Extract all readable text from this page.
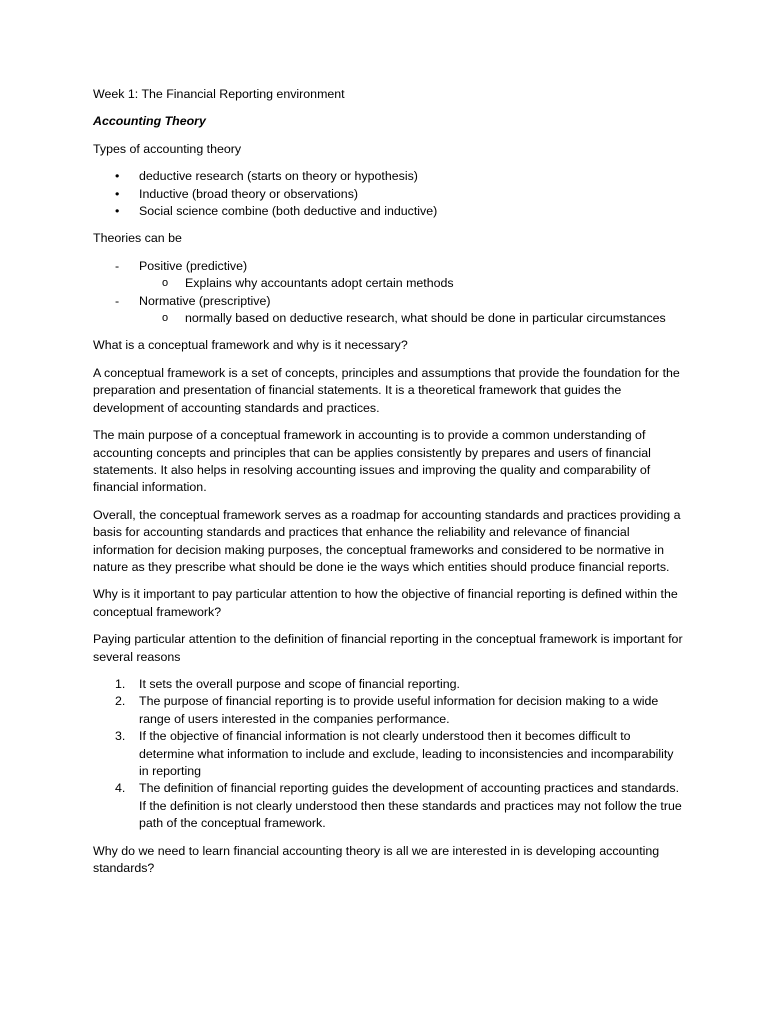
Week 1: The Financial Reporting environment

Accounting Theory

Types of accounting theory

• deductive research (starts on theory or hypothesis)
• Inductive (broad theory or observations)
• Social science combine (both deductive and inductive)

Theories can be

- Positive (predictive)
o Explains why accountants adopt certain methods
- Normative (prescriptive)
o normally based on deductive research, what should be done in particular circumstances

What is a conceptual framework and why is it necessary?

A conceptual framework is a set of concepts, principles and assumptions that provide the foundation for the preparation and presentation of financial statements. It is a theoretical framework that guides the development of accounting standards and practices.

The main purpose of a conceptual framework in accounting is to provide a common understanding of accounting concepts and principles that can be applies consistently by prepares and users of financial statements. It also helps in resolving accounting issues and improving the quality and comparability of financial information.

Overall, the conceptual framework serves as a roadmap for accounting standards and practices providing a basis for accounting standards and practices that enhance the reliability and relevance of financial information for decision making purposes, the conceptual frameworks and considered to be normative in nature as they prescribe what should be done ie the ways which entities should produce financial reports.

Why is it important to pay particular attention to how the objective of financial reporting is defined within the conceptual framework?

Paying particular attention to the definition of financial reporting in the conceptual framework is important for several reasons

1. It sets the overall purpose and scope of financial reporting.
2. The purpose of financial reporting is to provide useful information for decision making to a wide range of users interested in the companies performance.
3. If the objective of financial information is not clearly understood then it becomes difficult to determine what information to include and exclude, leading to inconsistencies and incomparability in reporting
4. The definition of financial reporting guides the development of accounting practices and standards. If the definition is not clearly understood then these standards and practices may not follow the true path of the conceptual framework.

Why do we need to learn financial accounting theory is all we are interested in is developing accounting standards?
